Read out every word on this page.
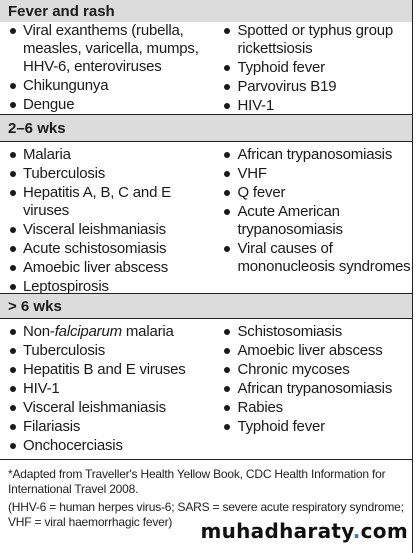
Fever and rash
Viral exanthems (rubella, measles, varicella, mumps, HHV-6, enteroviruses
Chikungunya
Dengue
Spotted or typhus group rickettsiosis
Typhoid fever
Parvovirus B19
HIV-1
2–6 wks
Malaria
Tuberculosis
Hepatitis A, B, C and E viruses
Visceral leishmaniasis
Acute schistosomiasis
Amoebic liver abscess
Leptospirosis
African trypanosomiasis
VHF
Q fever
Acute American trypanosomiasis
Viral causes of mononucleosis syndromes
> 6 wks
Non-falciparum malaria
Tuberculosis
Hepatitis B and E viruses
HIV-1
Visceral leishmaniasis
Filariasis
Onchocerciasis
Schistosomiasis
Amoebic liver abscess
Chronic mycoses
African trypanosomiasis
Rabies
Typhoid fever

*Adapted from Traveller's Health Yellow Book, CDC Health Information for International Travel 2008.

(HHV-6 = human herpes virus-6; SARS = severe acute respiratory syndrome; VHF = viral haemorrhagic fever)	muhadharaty.com
